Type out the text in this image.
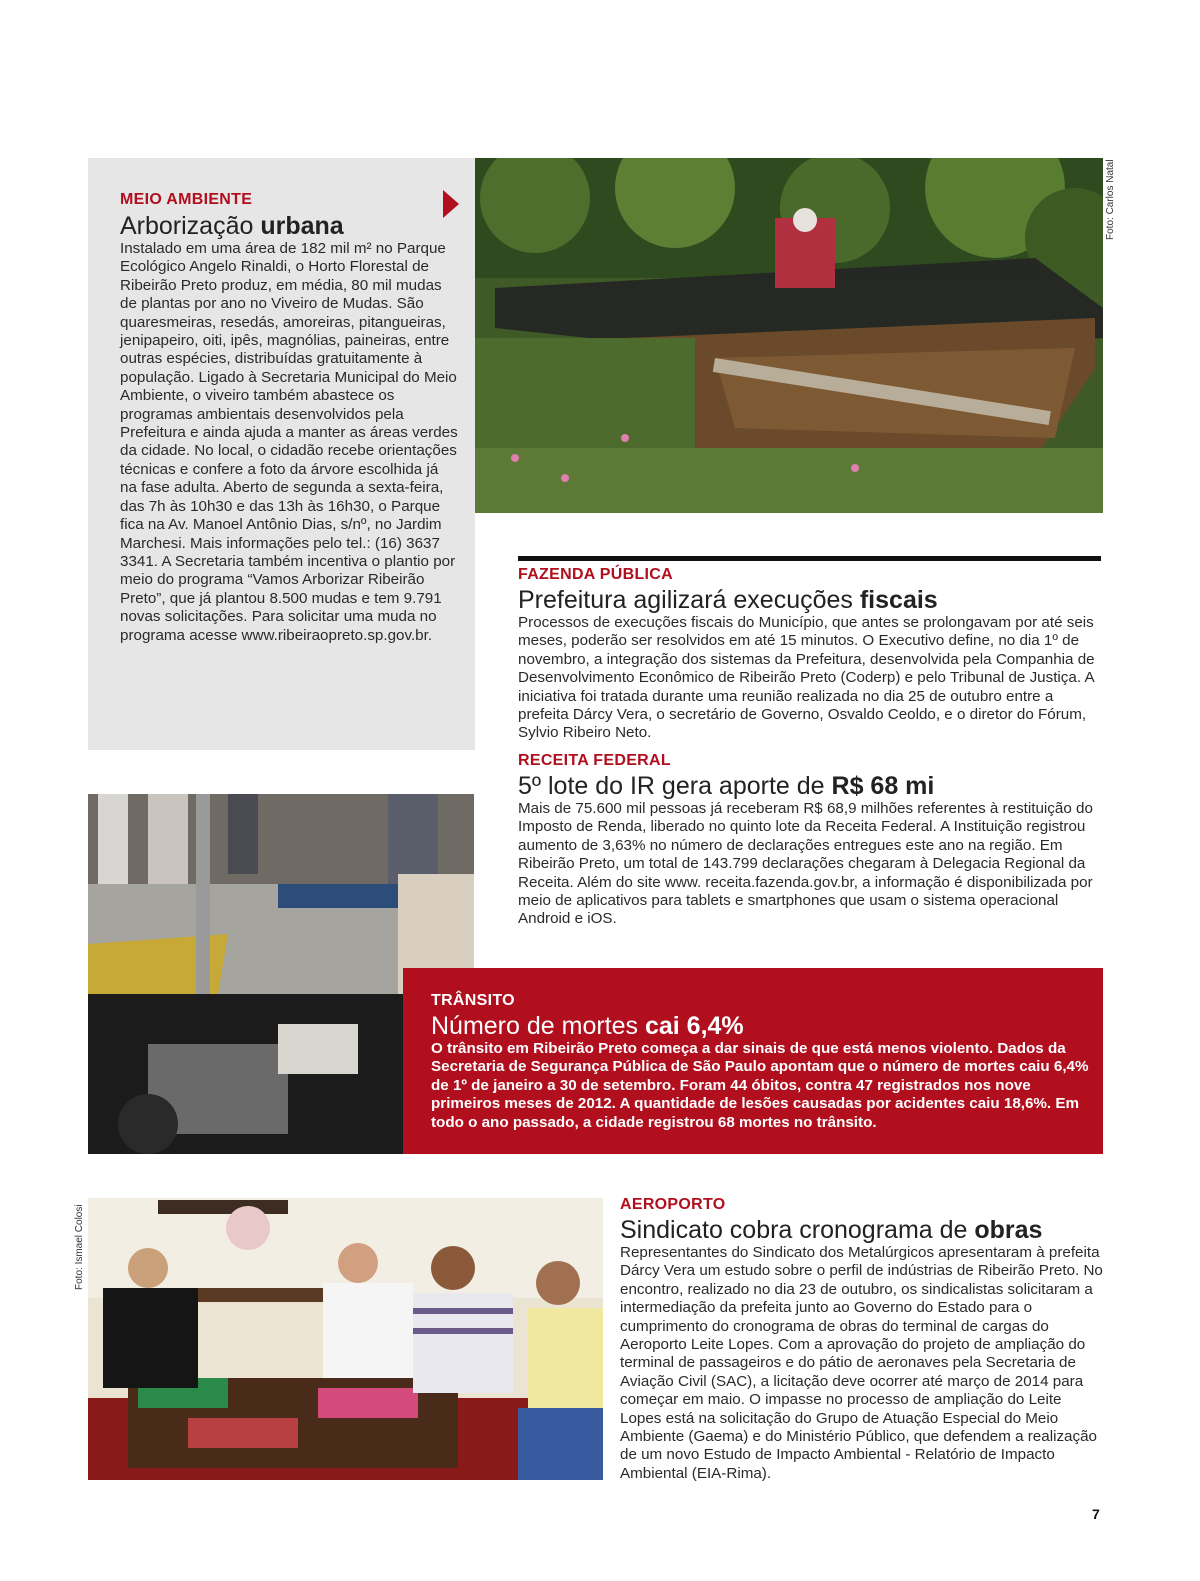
MEIO AMBIENTE
Arborização urbana
Instalado em uma área de 182 mil m² no Parque Ecológico Angelo Rinaldi, o Horto Florestal de Ribeirão Preto produz, em média, 80 mil mudas de plantas por ano no Viveiro de Mudas. São quaresmeiras, resedás, amoreiras, pitangueiras, jenipapeiro, oiti, ipês, magnólias, paineiras, entre outras espécies, distribuídas gratuitamente à população. Ligado à Secretaria Municipal do Meio Ambiente, o viveiro também abastece os programas ambientais desenvolvidos pela Prefeitura e ainda ajuda a manter as áreas verdes da cidade. No local, o cidadão recebe orientações técnicas e confere a foto da árvore escolhida já na fase adulta. Aberto de segunda a sexta-feira, das 7h às 10h30 e das 13h às 16h30, o Parque fica na Av. Manoel Antônio Dias, s/nº, no Jardim Marchesi. Mais informações pelo tel.: (16) 3637 3341. A Secretaria também incentiva o plantio por meio do programa “Vamos Arborizar Ribeirão Preto”, que já plantou 8.500 mudas e tem 9.791 novas solicitações. Para solicitar uma muda no programa acesse www.ribeiraopreto.sp.gov.br.
Foto: Carlos Natal
FAZENDA PÚBLICA
Prefeitura agilizará execuções fiscais
Processos de execuções fiscais do Município, que antes se prolongavam por até seis meses, poderão ser resolvidos em até 15 minutos. O Executivo define, no dia 1º de novembro, a integração dos sistemas da Prefeitura, desenvolvida pela Companhia de Desenvolvimento Econômico de Ribeirão Preto (Coderp) e pelo Tribunal de Justiça. A iniciativa foi tratada durante uma reunião realizada no dia 25 de outubro entre a prefeita Dárcy Vera, o secretário de Governo, Osvaldo Ceoldo, e o diretor do Fórum, Sylvio Ribeiro Neto.
RECEITA FEDERAL
5º lote do IR gera aporte de R$ 68 mi
Mais de 75.600 mil pessoas já receberam R$ 68,9 milhões referentes à restituição do Imposto de Renda, liberado no quinto lote da Receita Federal. A Instituição registrou aumento de 3,63% no número de declarações entregues este ano na região. Em Ribeirão Preto, um total de 143.799 declarações chegaram à Delegacia Regional da Receita. Além do site www. receita.fazenda.gov.br, a informação é disponibilizada por meio de aplicativos para tablets e smartphones que usam o sistema operacional Android e iOS.
TRÂNSITO
Número de mortes cai 6,4%
O trânsito em Ribeirão Preto começa a dar sinais de que está menos violento. Dados da Secretaria de Segurança Pública de São Paulo apontam que o número de mortes caiu 6,4% de 1º de janeiro a 30 de setembro. Foram 44 óbitos, contra 47 registrados nos nove primeiros meses de 2012. A quantidade de lesões causadas por acidentes caiu 18,6%. Em todo o ano passado, a cidade registrou 68 mortes no trânsito.
Foto: Ismael Colosi	AEROPORTO
Sindicato cobra cronograma de obras
Representantes do Sindicato dos Metalúrgicos apresentaram à prefeita Dárcy Vera um estudo sobre o perfil de indústrias de Ribeirão Preto. No encontro, realizado no dia 23 de outubro, os sindicalistas solicitaram a intermediação da prefeita junto ao Governo do Estado para o cumprimento do cronograma de obras do terminal de cargas do Aeroporto Leite Lopes. Com a aprovação do projeto de ampliação do terminal de passageiros e do pátio de aeronaves pela Secretaria de Aviação Civil (SAC), a licitação deve ocorrer até março de 2014 para começar em maio. O impasse no processo de ampliação do Leite Lopes está na solicitação do Grupo de Atuação Especial do Meio Ambiente (Gaema) e do Ministério Público, que defendem a realização de um novo Estudo de Impacto Ambiental - Relatório de Impacto Ambiental (EIA-Rima).
7
